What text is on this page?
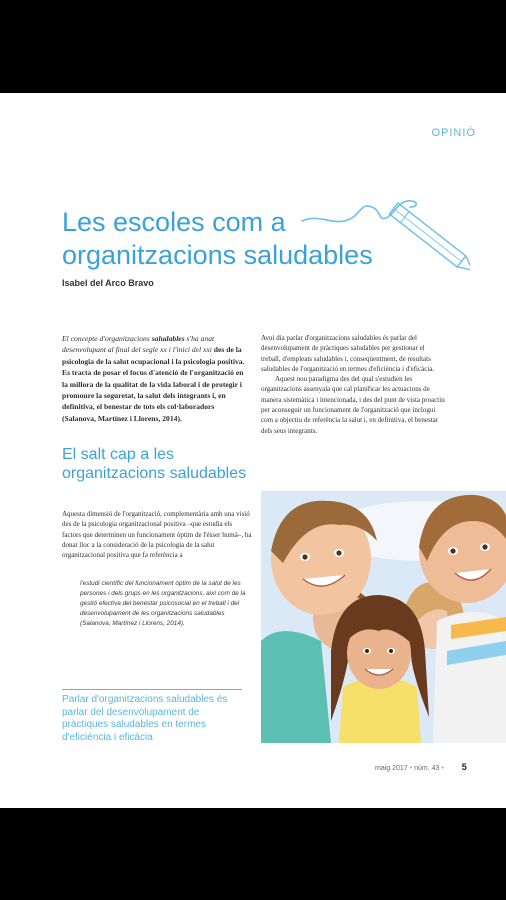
OPINIÓ
Les escoles com a organitzacions saludables
Isabel del Arco Bravo
El concepte d'organitzacions saludables s'ha anat desenvolupant al final del segle xx i l'inici del xxi des de la psicologia de la salut ocupacional i la psicologia positiva. Es tracta de posar el focus d'atenció de l'organització en la millora de la qualitat de la vida laboral i de protegir i promoure la seguretat, la salut dels integrants i, en definitiva, el benestar de tots els col·laboradors (Salanova, Martínez i Llorens, 2014).
El salt cap a les organitzacions saludables

Aquesta dimensió de l'organització, complementària amb una visió des de la psicologia organitzacional positiva –que estudia els factors que determinen un funcionament òptim de l'ésser humà–, ha donat lloc a la consideració de la psicologia de la salut organitzacional positiva que fa referència a

l'estudi científic del funcionament òptim de la salut de les persones i dels grups en les organitzacions, així com de la gestió efectiva del benestar psicosocial en el treball i del desenvolupament de les organitzacions saludables (Salanova, Martínez i Llorens, 2014).
Parlar d'organitzacions saludables és parlar del desenvolupament de pràctiques saludables en termes d'eficiència i eficàcia

Avui dia parlar d'organitzacions saludables és parlar del desenvolupament de pràctiques saludables per gestionar el treball, d'empleats saludables i, conseqüentment, de resultats saludables de l'organització en termes d'eficiència i d'eficàcia.

Aquest nou paradigma des del qual s'estudien les organitzacions assenyala que cal planificar les actuacions de manera sistemàtica i intencionada, i des del punt de vista proactiu per aconseguir un funcionament de l'organització que inclogui com a objectiu de referència la salut i, en definitiva, el benestar dels seus integrants.

maig 2017 • núm. 43 • 5
